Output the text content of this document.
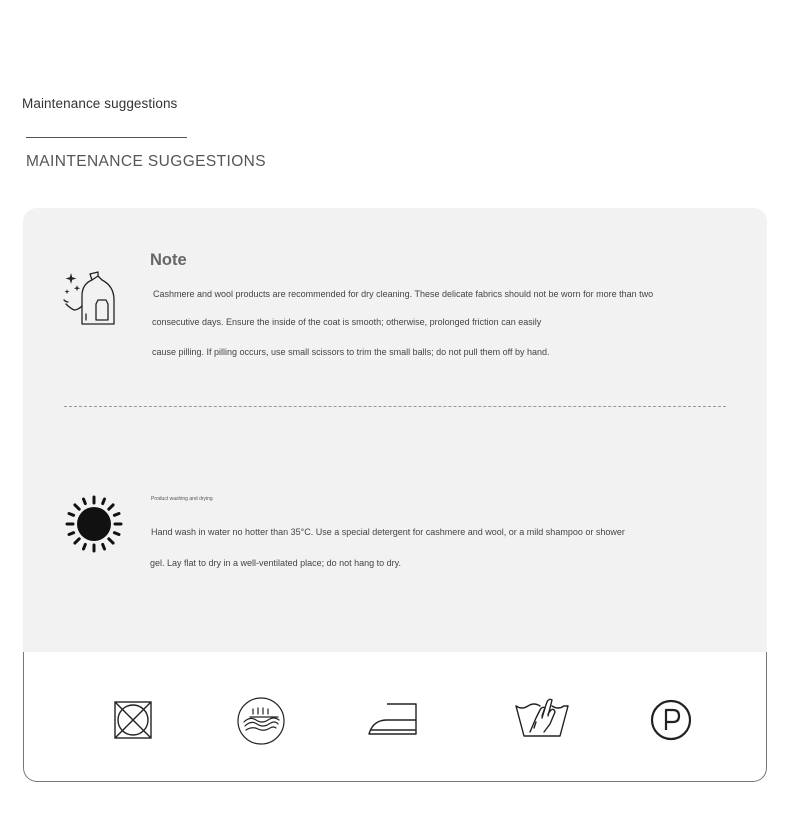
Maintenance suggestions
MAINTENANCE SUGGESTIONS
Note
Cashmere and wool products are recommended for dry cleaning. These delicate fabrics should not be worn for more than two
consecutive days. Ensure the inside of the coat is smooth; otherwise, prolonged friction can easily
cause pilling. If pilling occurs, use small scissors to trim the small balls; do not pull them off by hand.
Product washing and drying
Hand wash in water no hotter than 35°C. Use a special detergent for cashmere and wool, or a mild shampoo or shower
gel. Lay flat to dry in a well-ventilated place; do not hang to dry.
